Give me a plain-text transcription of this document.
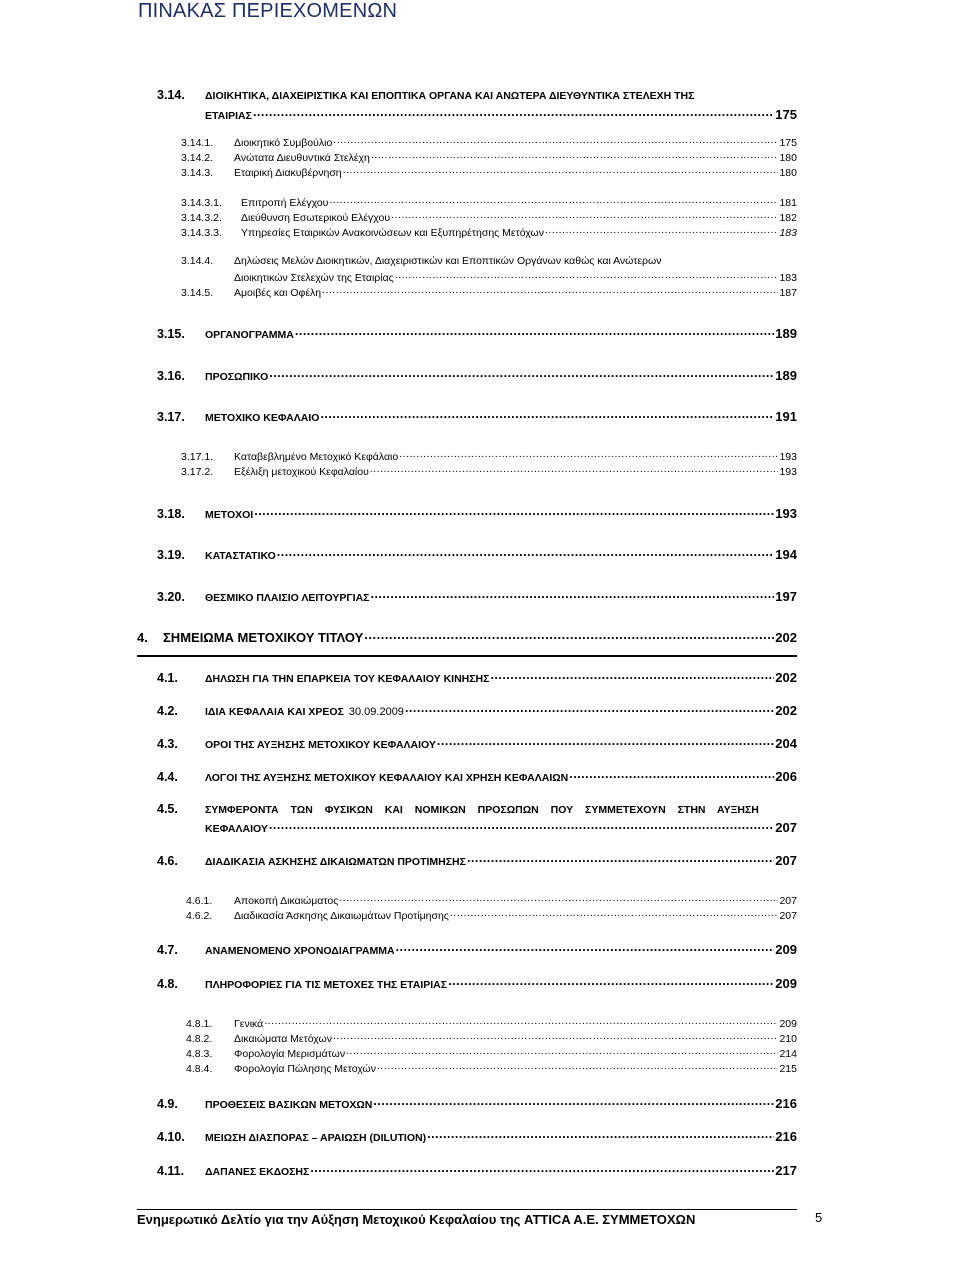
ΠΙΝΑΚΑΣ ΠΕΡΙΕΧΟΜΕΝΩΝ
3.14.	ΔΙΟΙΚΗΤΙΚΑ, ΔΙΑΧΕΙΡΙΣΤΙΚΑ ΚΑΙ ΕΠΟΠΤΙΚΑ ΟΡΓΑΝΑ ΚΑΙ ΑΝΩΤΕΡΑ ΔΙΕΥΘΥΝΤΙΚΑ ΣΤΕΛΕΧΗ ΤΗΣ
ΕΤΑΙΡΙΑΣ .....	175
3.14.1.	Διοικητικό Συμβούλιο .....	175
3.14.2.	Ανώτατα Διευθυντικά Στελέχη .....	180
3.14.3.	Εταιρική Διακυβέρνηση .....	180
3.14.3.1.	Επιτροπή Ελέγχου .....	181
3.14.3.2.	Διεύθυνση Εσωτερικού Ελέγχου .....	182
3.14.3.3.	Υπηρεσίες Εταιρικών Ανακοινώσεων και Εξυπηρέτησης Μετόχων .....	183
3.14.4.	Δηλώσεις Μελών Διοικητικών, Διαχειριστικών και Εποπτικών Οργάνων καθώς και Ανώτερων
Διοικητικών Στελεχών της Εταιρίας .....	183
3.14.5.	Αμοιβές και Οφέλη .....	187
3.15.	ΟΡΓΑΝΟΓΡΑΜΜΑ .....	189
3.16.	ΠΡΟΣΩΠΙΚΟ .....	189
3.17.	ΜΕΤΟΧΙΚΟ ΚΕΦΑΛΑΙΟ .....	191
3.17.1.	Καταβεβλημένο Μετοχικό Κεφάλαιο .....	193
3.17.2.	Εξέλιξη μετοχικού Κεφαλαίου .....	193
3.18.	ΜΕΤΟΧΟΙ .....	193
3.19.	ΚΑΤΑΣΤΑΤΙΚΟ .....	194
3.20.	ΘΕΣΜΙΚΟ ΠΛΑΙΣΙΟ ΛΕΙΤΟΥΡΓΙΑΣ .....	197
4.	ΣΗΜΕΙΩΜΑ ΜΕΤΟΧΙΚΟΥ ΤΙΤΛΟΥ .....	202
4.1.	ΔΗΛΩΣΗ ΓΙΑ ΤΗΝ ΕΠΑΡΚΕΙΑ ΤΟΥ ΚΕΦΑΛΑΙΟΥ ΚΙΝΗΣΗΣ .....	202
4.2.	ΙΔΙΑ ΚΕΦΑΛΑΙΑ ΚΑΙ ΧΡΕΟΣ 30.09.2009 .....	202
4.3.	ΟΡΟΙ ΤΗΣ ΑΥΞΗΣΗΣ ΜΕΤΟΧΙΚΟΥ ΚΕΦΑΛΑΙΟΥ .....	204
4.4.	ΛΟΓΟΙ ΤΗΣ ΑΥΞΗΣΗΣ ΜΕΤΟΧΙΚΟΥ ΚΕΦΑΛΑΙΟΥ ΚΑΙ ΧΡΗΣΗ ΚΕΦΑΛΑΙΩΝ .....	206
4.5.	ΣΥΜΦΕΡΟΝΤΑ ΤΩΝ ΦΥΣΙΚΩΝ ΚΑΙ ΝΟΜΙΚΩΝ ΠΡΟΣΩΠΩΝ ΠΟΥ ΣΥΜΜΕΤΕΧΟΥΝ ΣΤΗΝ ΑΥΞΗΣΗ
ΚΕΦΑΛΑΙΟΥ .....	207
4.6.	ΔΙΑΔΙΚΑΣΙΑ ΑΣΚΗΣΗΣ ΔΙΚΑΙΩΜΑΤΩΝ ΠΡΟΤΙΜΗΣΗΣ .....	207
4.6.1.	Αποκοπή Δικαιώματος .....	207
4.6.2.	Διαδικασία Άσκησης Δικαιωμάτων Προτίμησης .....	207
4.7.	ΑΝΑΜΕΝΟΜΕΝΟ ΧΡΟΝΟΔΙΑΓΡΑΜΜΑ .....	209
4.8.	ΠΛΗΡΟΦΟΡΙΕΣ ΓΙΑ ΤΙΣ ΜΕΤΟΧΕΣ ΤΗΣ ΕΤΑΙΡΙΑΣ .....	209
4.8.1.	Γενικά .....	209
4.8.2.	Δικαιώματα Μετόχων .....	210
4.8.3.	Φορολογία Μερισμάτων .....	214
4.8.4.	Φορολογία Πώλησης Μετοχών .....	215
4.9.	ΠΡΟΘΕΣΕΙΣ ΒΑΣΙΚΩΝ ΜΕΤΟΧΩΝ .....	216
4.10.	ΜΕΙΩΣΗ ΔΙΑΣΠΟΡΑΣ – ΑΡΑΙΩΣΗ (DILUTION) .....	216
4.11.	ΔΑΠΑΝΕΣ ΕΚΔΟΣΗΣ .....	217
Ενημερωτικό Δελτίο για την Αύξηση Μετοχικού Κεφαλαίου της ATTICA A.E. ΣΥΜΜΕΤΟΧΩΝ	5
